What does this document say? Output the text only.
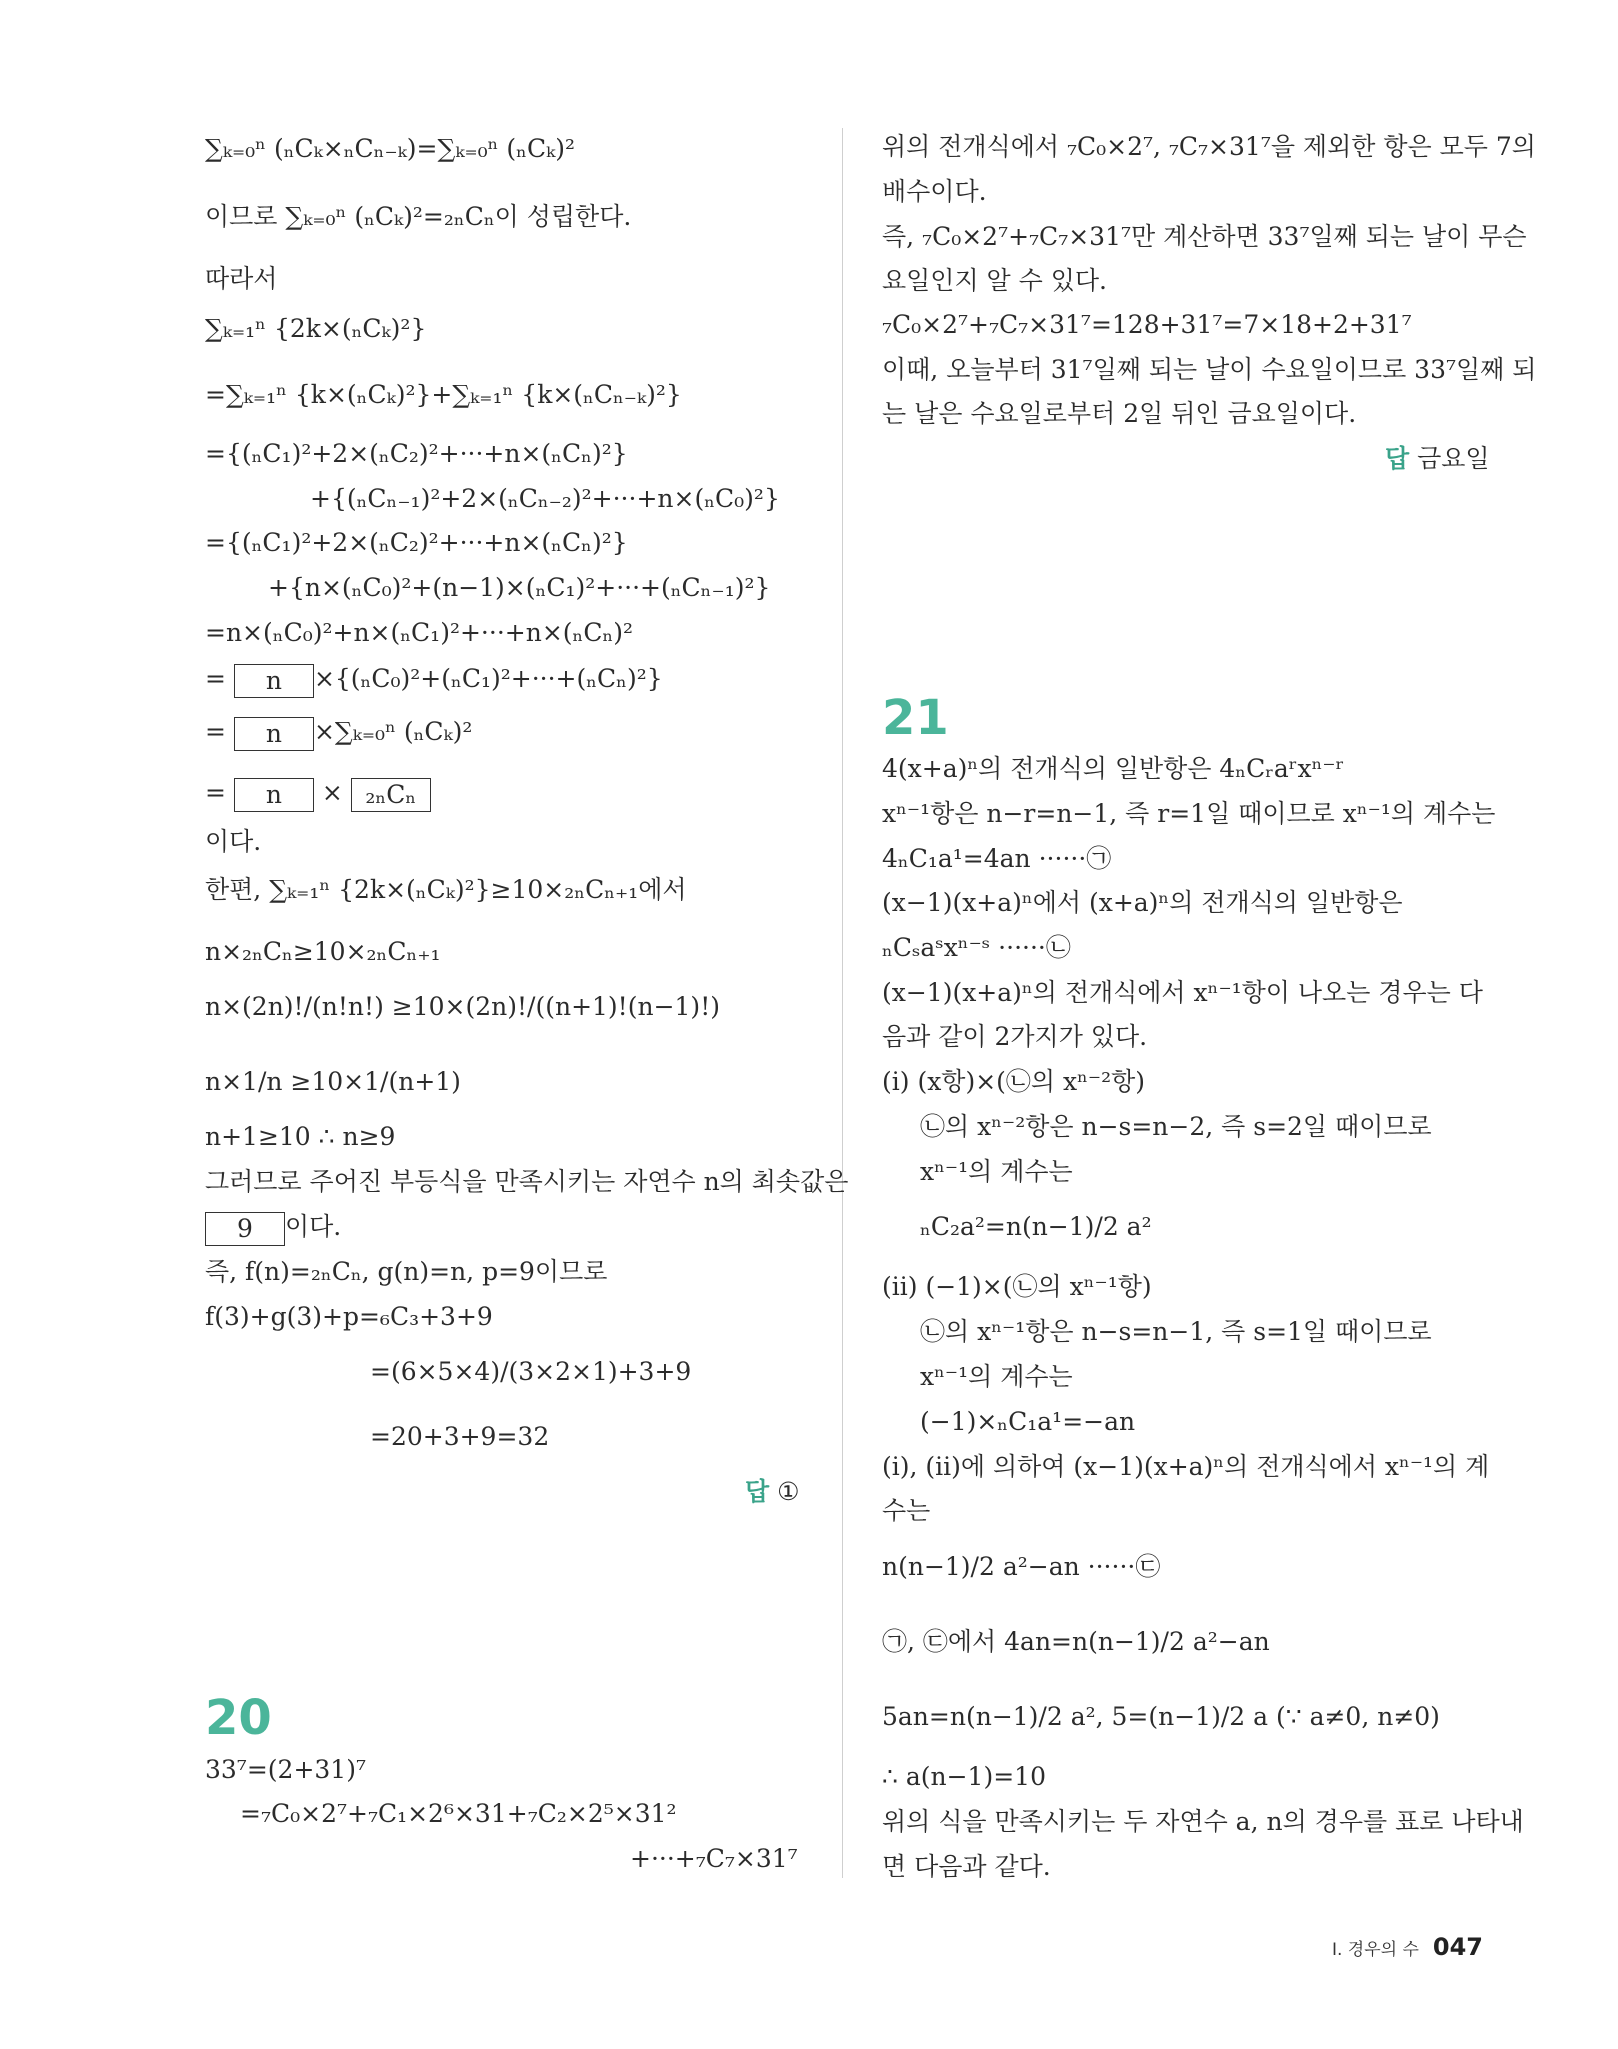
∑ₖ₌₀ⁿ (ₙCₖ×ₙCₙ₋ₖ)=∑ₖ₌₀ⁿ (ₙCₖ)²
이므로 ∑ₖ₌₀ⁿ (ₙCₖ)²=₂ₙCₙ이 성립한다.
따라서
∑ₖ₌₁ⁿ {2k×(ₙCₖ)²}
=∑ₖ₌₁ⁿ {k×(ₙCₖ)²}+∑ₖ₌₁ⁿ {k×(ₙCₙ₋ₖ)²}
={(ₙC₁)²+2×(ₙC₂)²+···+n×(ₙCₙ)²}
+{(ₙCₙ₋₁)²+2×(ₙCₙ₋₂)²+···+n×(ₙC₀)²}
={(ₙC₁)²+2×(ₙC₂)²+···+n×(ₙCₙ)²}
+{n×(ₙC₀)²+(n−1)×(ₙC₁)²+···+(ₙCₙ₋₁)²}
=n×(ₙC₀)²+n×(ₙC₁)²+···+n×(ₙCₙ)²
= n ×{(ₙC₀)²+(ₙC₁)²+···+(ₙCₙ)²}
= n ×∑ₖ₌₀ⁿ (ₙCₖ)²
= n × ₂ₙCₙ
이다.
한편, ∑ₖ₌₁ⁿ {2k×(ₙCₖ)²}≥10×₂ₙCₙ₊₁에서
n×₂ₙCₙ≥10×₂ₙCₙ₊₁
n×(2n)!/(n!n!) ≥10×(2n)!/((n+1)!(n−1)!)
n×1/n ≥10×1/(n+1)
n+1≥10 ∴ n≥9
그러므로 주어진 부등식을 만족시키는 자연수 n의 최솟값은
9 이다.
즉, f(n)=₂ₙCₙ, g(n)=n, p=9이므로
f(3)+g(3)+p=₆C₃+3+9
=(6×5×4)/(3×2×1)+3+9
=20+3+9=32
답 ①
20
33⁷=(2+31)⁷
=₇C₀×2⁷+₇C₁×2⁶×31+₇C₂×2⁵×31²
+···+₇C₇×31⁷
위의 전개식에서 ₇C₀×2⁷, ₇C₇×31⁷을 제외한 항은 모두 7의
배수이다.
즉, ₇C₀×2⁷+₇C₇×31⁷만 계산하면 33⁷일째 되는 날이 무슨
요일인지 알 수 있다.
₇C₀×2⁷+₇C₇×31⁷=128+31⁷=7×18+2+31⁷
이때, 오늘부터 31⁷일째 되는 날이 수요일이므로 33⁷일째 되
는 날은 수요일로부터 2일 뒤인 금요일이다.
답 금요일
21
4(x+a)ⁿ의 전개식의 일반항은 4ₙCᵣaʳxⁿ⁻ʳ
xⁿ⁻¹항은 n−r=n−1, 즉 r=1일 때이므로 xⁿ⁻¹의 계수는
4ₙC₁a¹=4an ······㉠
(x−1)(x+a)ⁿ에서 (x+a)ⁿ의 전개식의 일반항은
ₙCₛaˢxⁿ⁻ˢ ······㉡
(x−1)(x+a)ⁿ의 전개식에서 xⁿ⁻¹항이 나오는 경우는 다
음과 같이 2가지가 있다.
(i) (x항)×(㉡의 xⁿ⁻²항)
㉡의 xⁿ⁻²항은 n−s=n−2, 즉 s=2일 때이므로
xⁿ⁻¹의 계수는
ₙC₂a²=n(n−1)/2 a²
(ii) (−1)×(㉡의 xⁿ⁻¹항)
㉡의 xⁿ⁻¹항은 n−s=n−1, 즉 s=1일 때이므로
xⁿ⁻¹의 계수는
(−1)×ₙC₁a¹=−an
(i), (ii)에 의하여 (x−1)(x+a)ⁿ의 전개식에서 xⁿ⁻¹의 계
수는
n(n−1)/2 a²−an ······㉢
㉠, ㉢에서 4an=n(n−1)/2 a²−an
5an=n(n−1)/2 a², 5=(n−1)/2 a (∵ a≠0, n≠0)
∴ a(n−1)=10
위의 식을 만족시키는 두 자연수 a, n의 경우를 표로 나타내
면 다음과 같다.
I. 경우의 수 047
